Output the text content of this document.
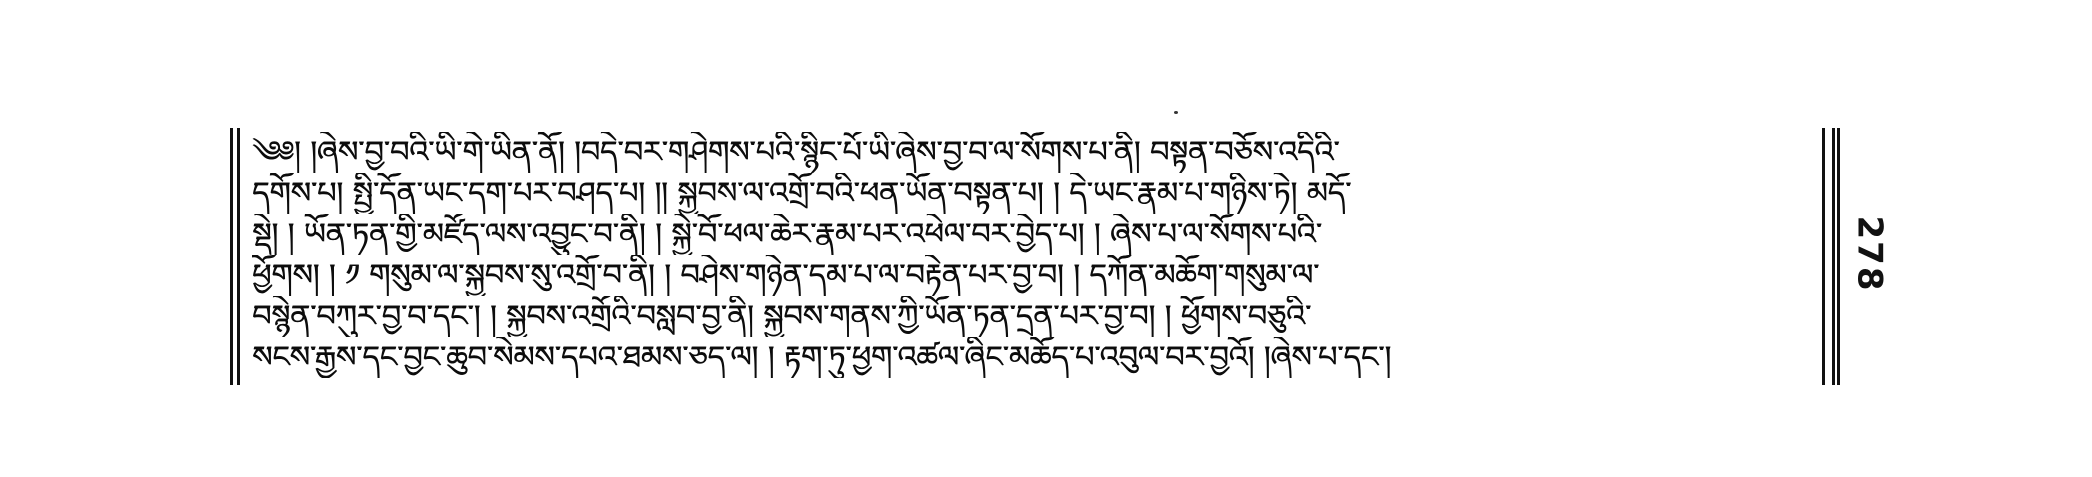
༄༅། །ཞེས་བྱ་བའི་ཡི་གེ་ཡིན་ནོ། །བདེ་བར་གཤེགས་པའི་སྙིང་པོ་ཡི་ཞེས་བྱ་བ་ལ་སོགས་པ་ནི། བསྟན་བཅོས་འདིའི་
དགོས་པ། སྤྱི་དོན་ཡང་དག་པར་བཤད་པ། །། སྐྱབས་ལ་འགྲོ་བའི་ཕན་ཡོན་བསྟན་པ། ། དེ་ཡང་རྣམ་པ་གཉིས་ཏེ། མདོ་
སྡེ། ། ཡོན་ཏན་གྱི་མཛོད་ལས་འབྱུང་བ་ནི། ། སྐྱེ་བོ་ཕལ་ཆེར་རྣམ་པར་འཕེལ་བར་བྱེད་པ། ། ཞེས་པ་ལ་སོགས་པའི་
ཕྱོགས། ། ༡ གསུམ་ལ་སྐྱབས་སུ་འགྲོ་བ་ནི། ། བཤེས་གཉེན་དམ་པ་ལ་བརྟེན་པར་བྱ་བ། ། དཀོན་མཆོག་གསུམ་ལ་
བསྙེན་བཀུར་བྱ་བ་དང་། ། སྐྱབས་འགྲོའི་བསླབ་བྱ་ནི། སྐྱབས་གནས་ཀྱི་ཡོན་ཏན་དྲན་པར་བྱ་བ། ། ཕྱོགས་བཅུའི་
སངས་རྒྱས་དང་བྱང་ཆུབ་སེམས་དཔའ་ཐམས་ཅད་ལ། ། རྟག་ཏུ་ཕྱག་འཚལ་ཞིང་མཆོད་པ་འབུལ་བར་བྱའོ། །ཞེས་པ་དང་།
278
